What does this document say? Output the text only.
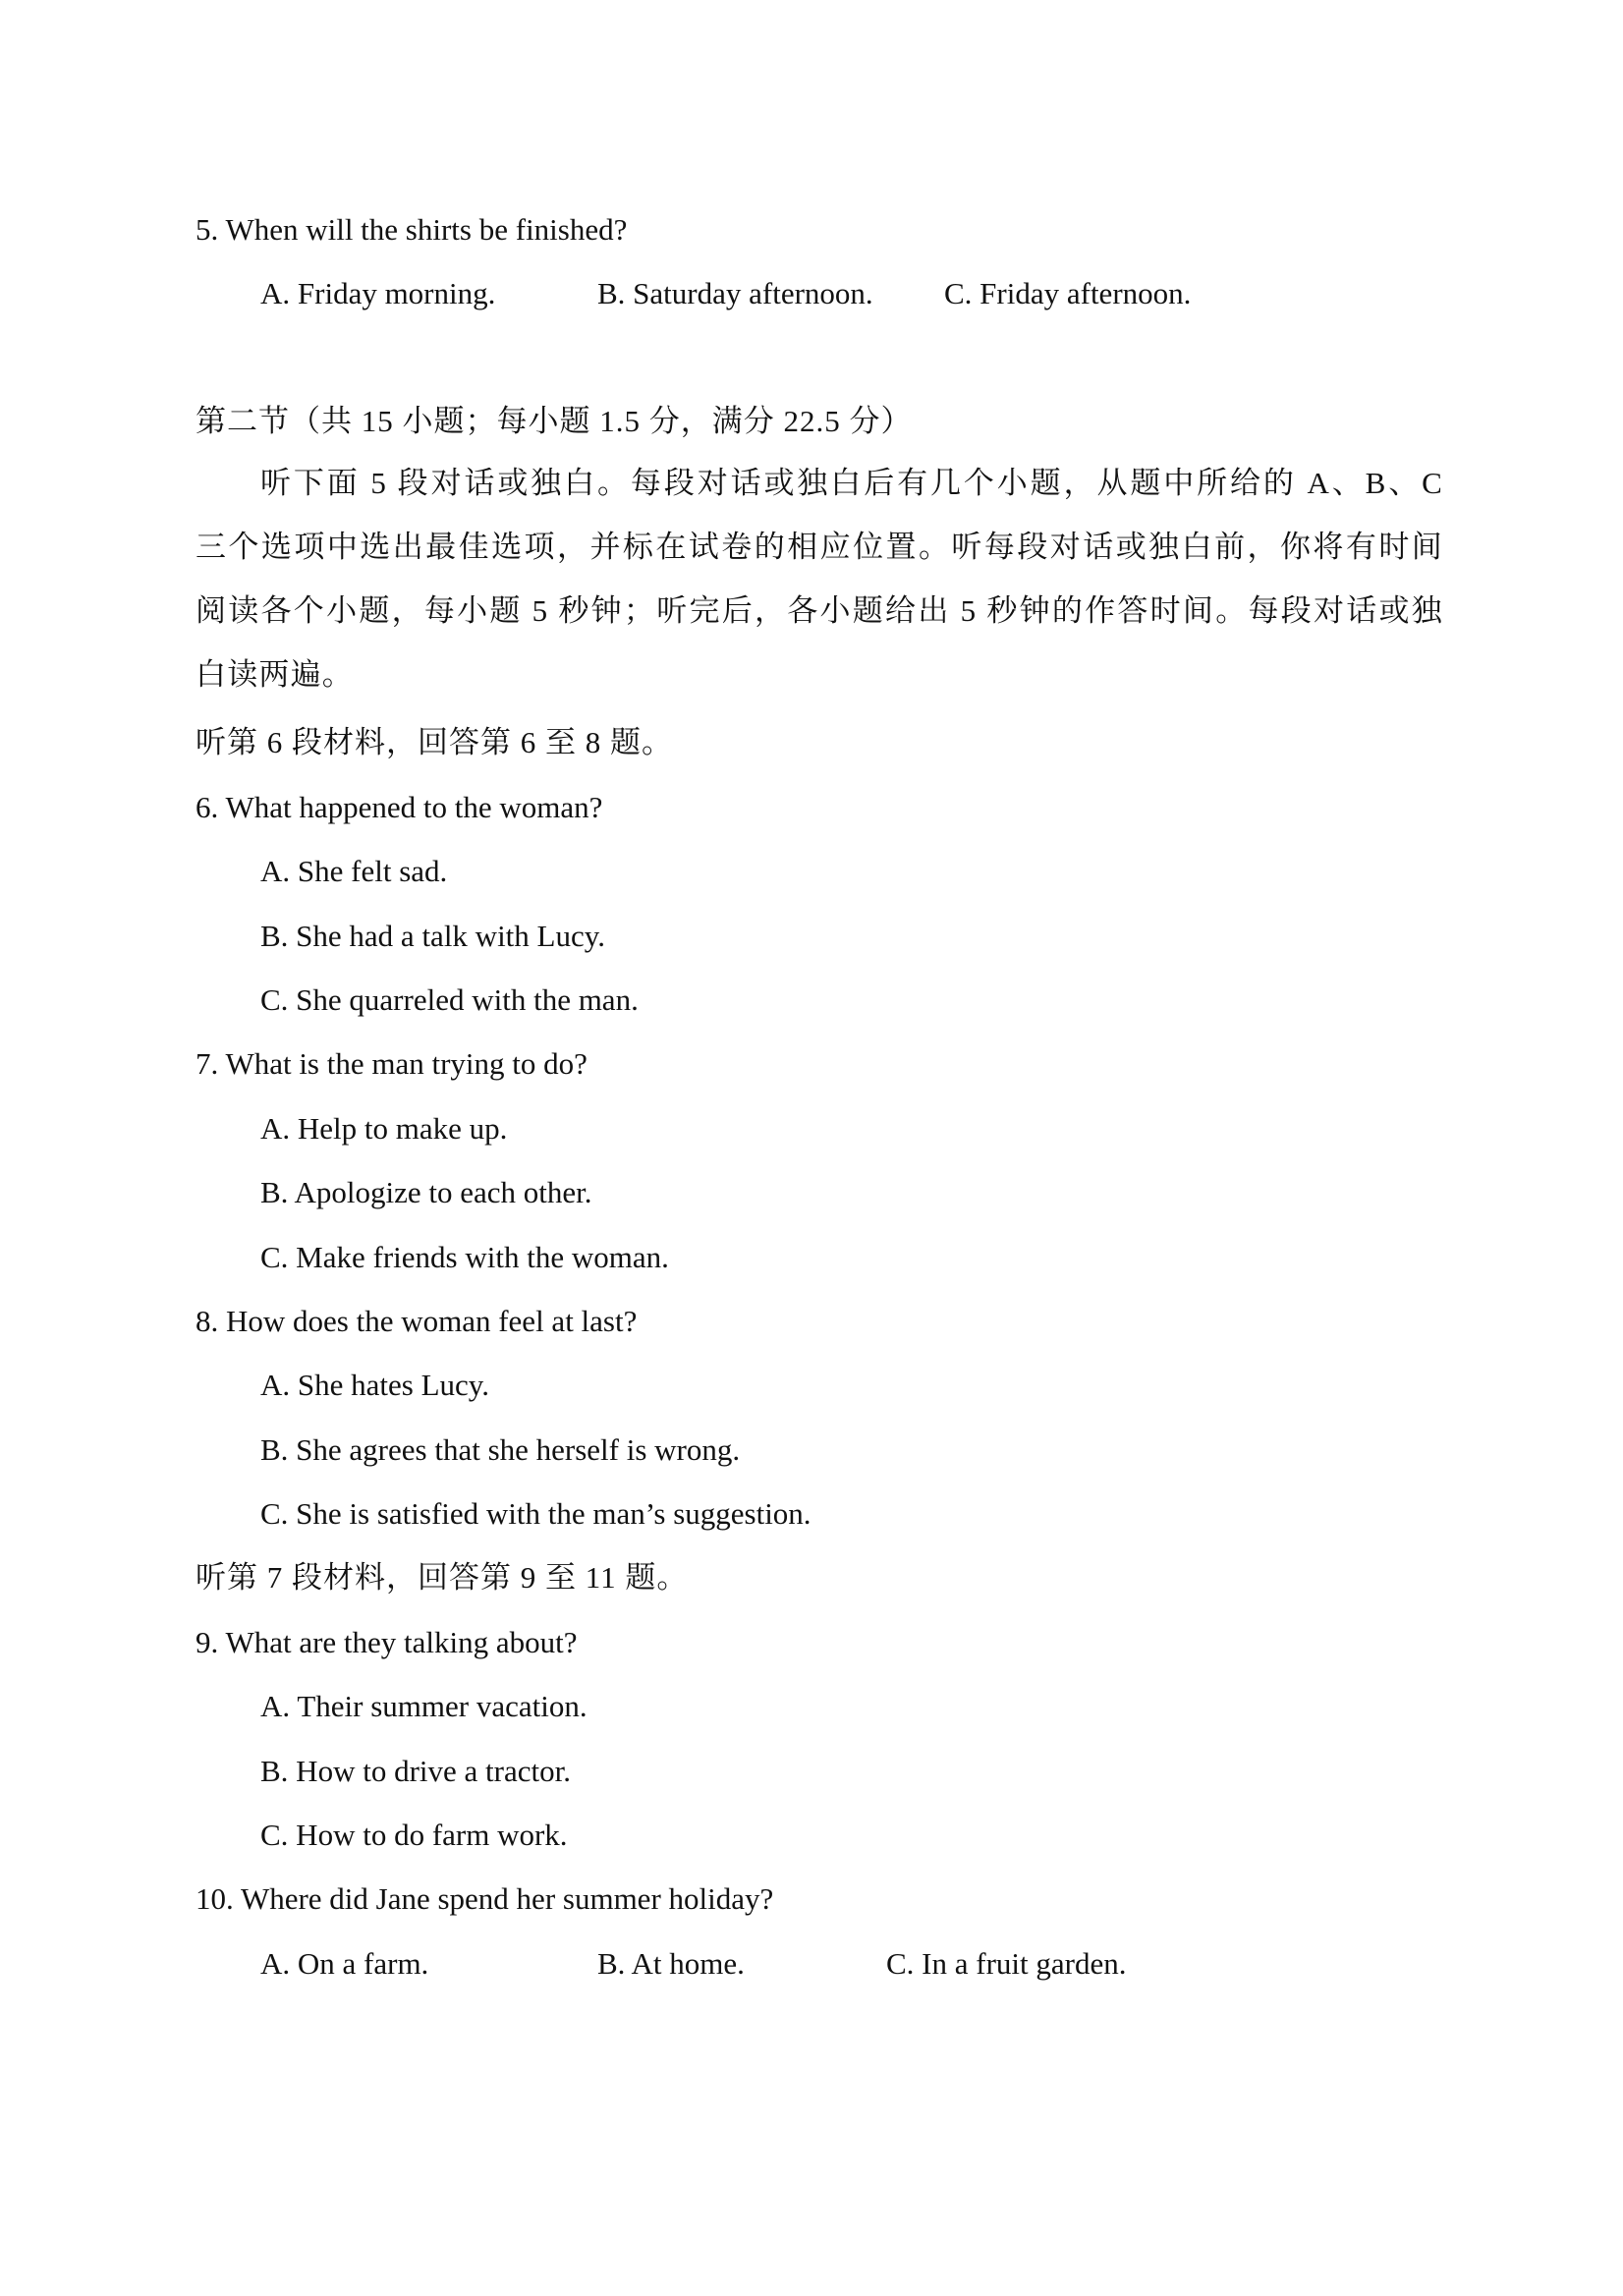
5. When will the shirts be finished?
A. Friday morning.	B. Saturday afternoon. C. Friday afternoon.
第二节（共 15 小题；每小题 1.5 分，满分 22.5 分）
听下面 5 段对话或独白。每段对话或独白后有几个小题，从题中所给的 A、B、C
三个选项中选出最佳选项，并标在试卷的相应位置。听每段对话或独白前，你将有时间
阅读各个小题，每小题 5 秒钟；听完后，各小题给出 5 秒钟的作答时间。每段对话或独
白读两遍。
听第 6 段材料，回答第 6 至 8 题。
6. What happened to the woman?
A. She felt sad.
B. She had a talk with Lucy.
C. She quarreled with the man.
7. What is the man trying to do?
A. Help to make up.
B. Apologize to each other.
C. Make friends with the woman.
8. How does the woman feel at last?
A. She hates Lucy.
B. She agrees that she herself is wrong.
C. She is satisfied with the man’s suggestion.
听第 7 段材料，回答第 9 至 11 题。
9. What are they talking about?
A. Their summer vacation.
B. How to drive a tractor.
C. How to do farm work.
10. Where did Jane spend her summer holiday?
A. On a farm.	B. At home.	C. In a fruit garden.
